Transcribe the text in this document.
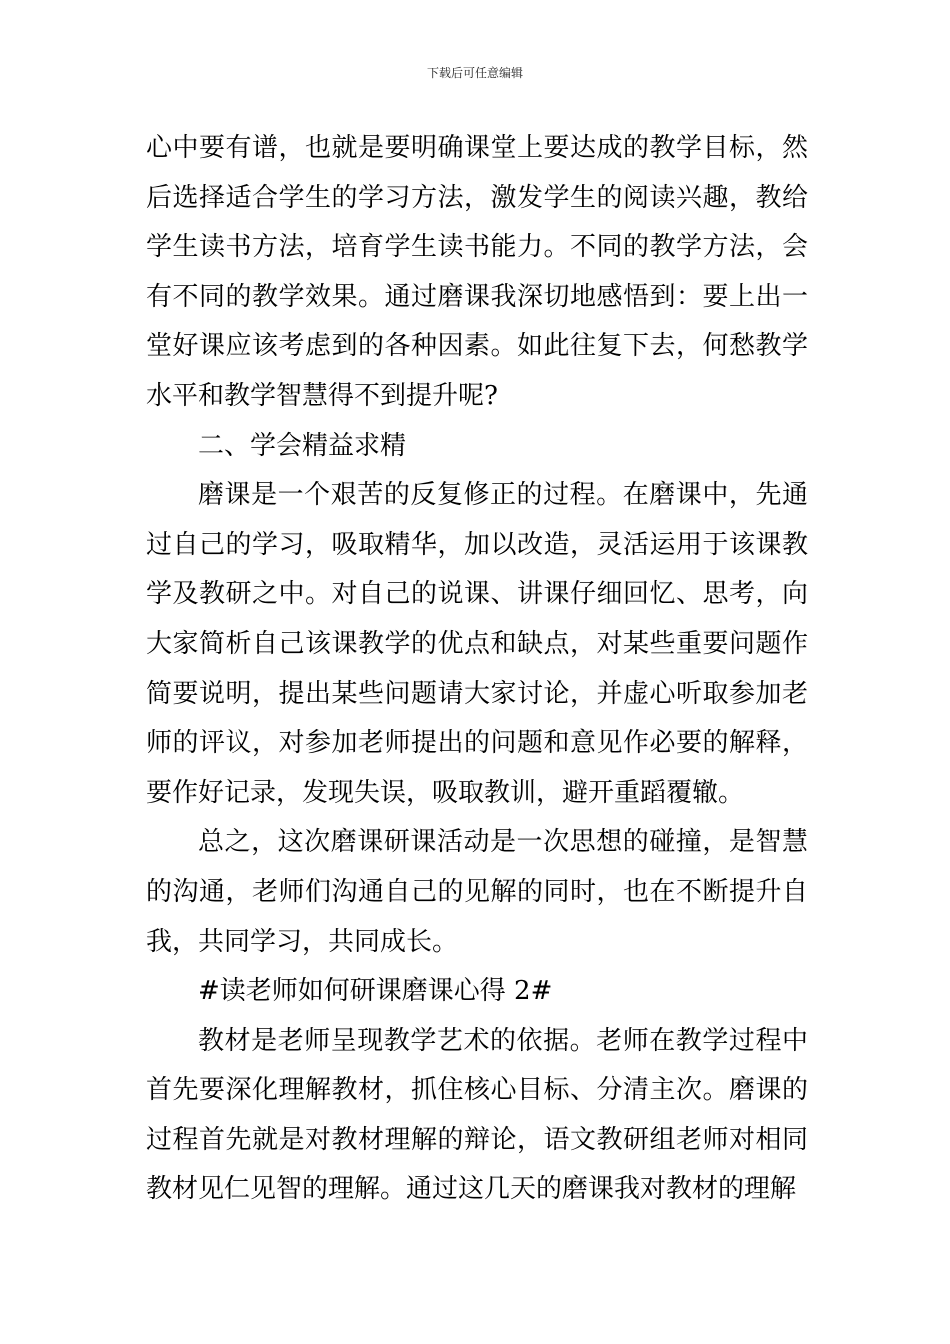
下载后可任意编辑

心中要有谱，也就是要明确课堂上要达成的教学目标，然后选择适合学生的学习方法，激发学生的阅读兴趣，教给学生读书方法，培育学生读书能力。不同的教学方法，会有不同的教学效果。通过磨课我深切地感悟到：要上出一堂好课应该考虑到的各种因素。如此往复下去，何愁教学水平和教学智慧得不到提升呢?

二、学会精益求精

磨课是一个艰苦的反复修正的过程。在磨课中，先通过自己的学习，吸取精华，加以改造，灵活运用于该课教学及教研之中。对自己的说课、讲课仔细回忆、思考，向大家简析自己该课教学的优点和缺点，对某些重要问题作简要说明，提出某些问题请大家讨论，并虚心听取参加老师的评议，对参加老师提出的问题和意见作必要的解释，要作好记录，发现失误，吸取教训，避开重蹈覆辙。

总之，这次磨课研课活动是一次思想的碰撞，是智慧的沟通，老师们沟通自己的见解的同时，也在不断提升自我，共同学习，共同成长。

#读老师如何研课磨课心得 2#

教材是老师呈现教学艺术的依据。老师在教学过程中首先要深化理解教材，抓住核心目标、分清主次。磨课的过程首先就是对教材理解的辩论，语文教研组老师对相同教材见仁见智的理解。通过这几天的磨课我对教材的理解
